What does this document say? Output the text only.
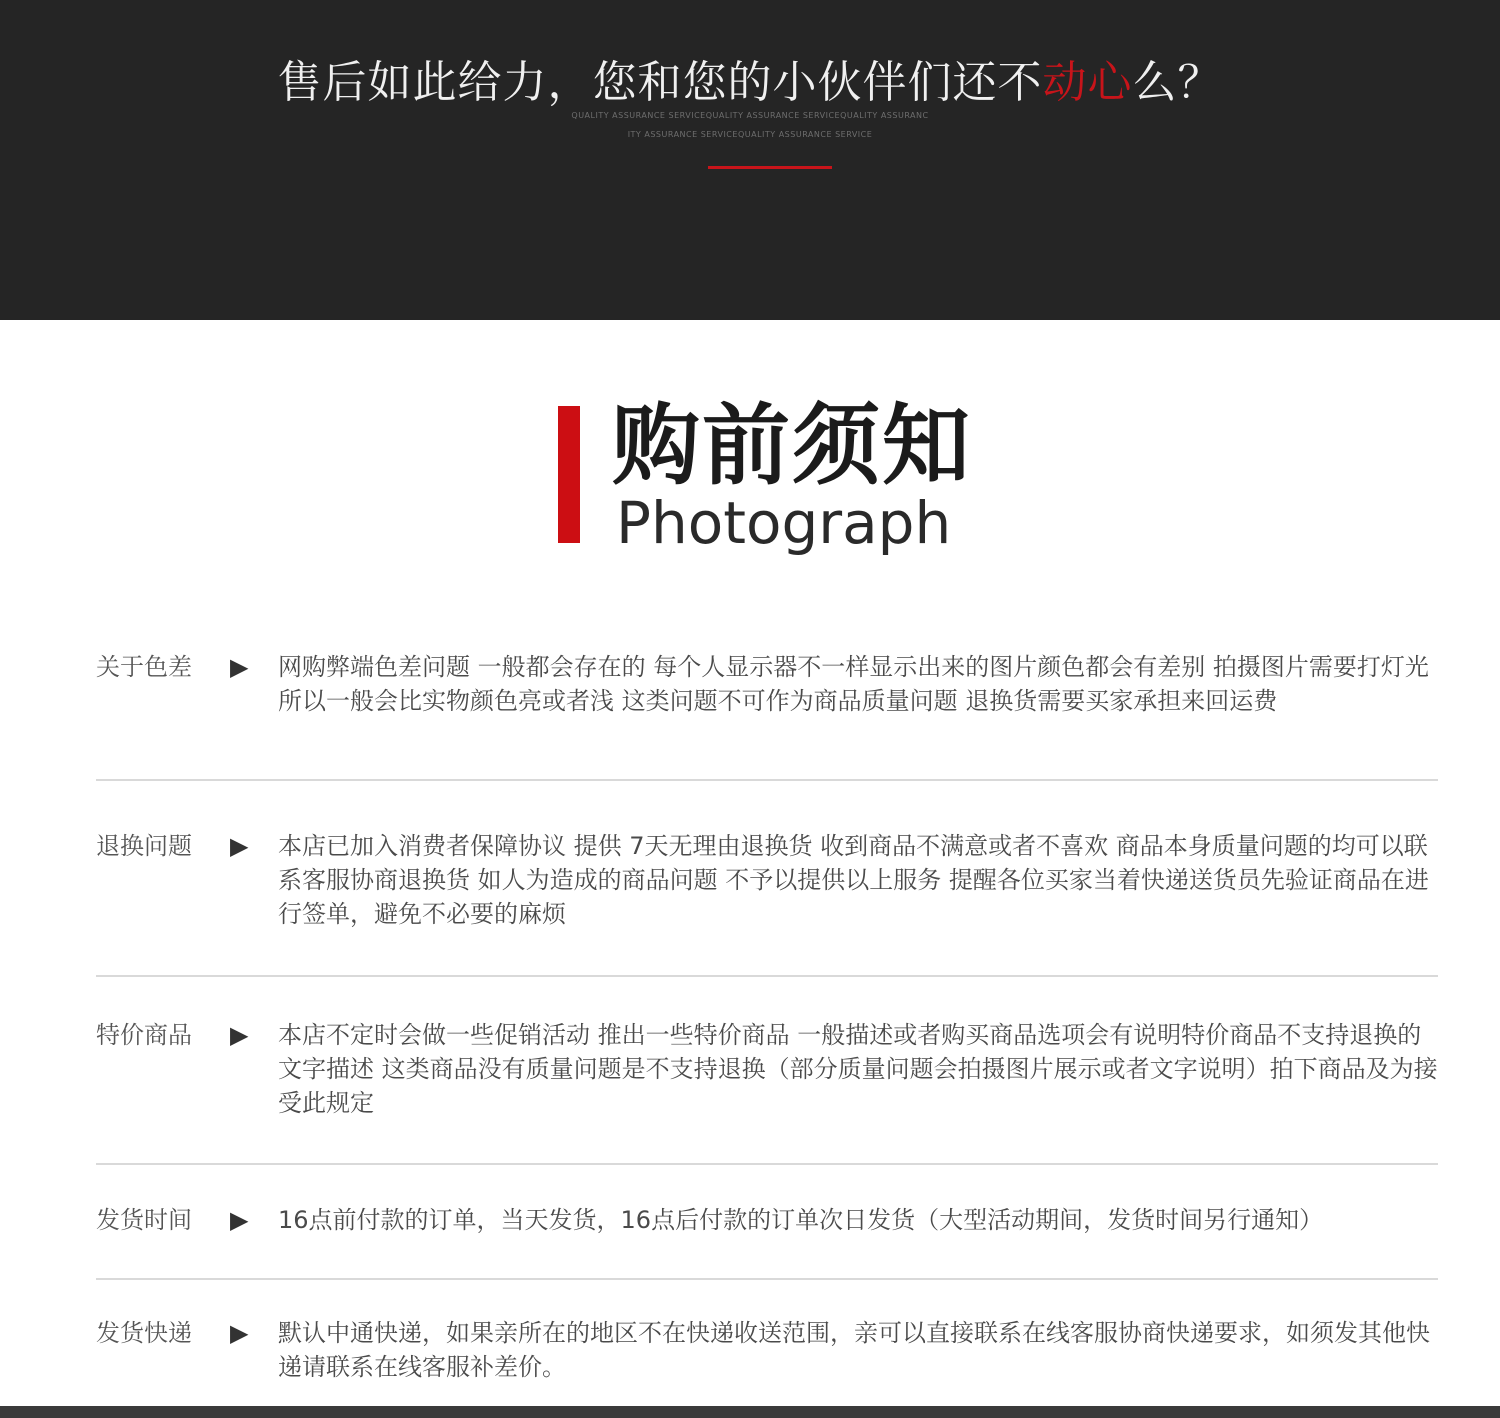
售后如此给力，您和您的小伙伴们还不动心么？
QUALITY ASSURANCE SERVICEQUALITY ASSURANCE SERVICEQUALITY ASSURANC
ITY ASSURANCE SERVICEQUALITY ASSURANCE SERVICE
购前须知
Photograph
关于色差 ▶ 网购弊端色差问题 一般都会存在的 每个人显示器不一样显示出来的图片颜色都会有差别 拍摄图片需要打灯光 所以一般会比实物颜色亮或者浅 这类问题不可作为商品质量问题 退换货需要买家承担来回运费
退换问题 ▶ 本店已加入消费者保障协议 提供 7天无理由退换货 收到商品不满意或者不喜欢 商品本身质量问题的均可以联系客服协商退换货 如人为造成的商品问题 不予以提供以上服务 提醒各位买家当着快递送货员先验证商品在进行签单，避免不必要的麻烦
特价商品 ▶ 本店不定时会做一些促销活动 推出一些特价商品 一般描述或者购买商品选项会有说明特价商品不支持退换的文字描述 这类商品没有质量问题是不支持退换（部分质量问题会拍摄图片展示或者文字说明）拍下商品及为接受此规定
发货时间 ▶ 16点前付款的订单，当天发货，16点后付款的订单次日发货（大型活动期间，发货时间另行通知）
发货快递 ▶ 默认中通快递，如果亲所在的地区不在快递收送范围，亲可以直接联系在线客服协商快递要求，如须发其他快递请联系在线客服补差价。
